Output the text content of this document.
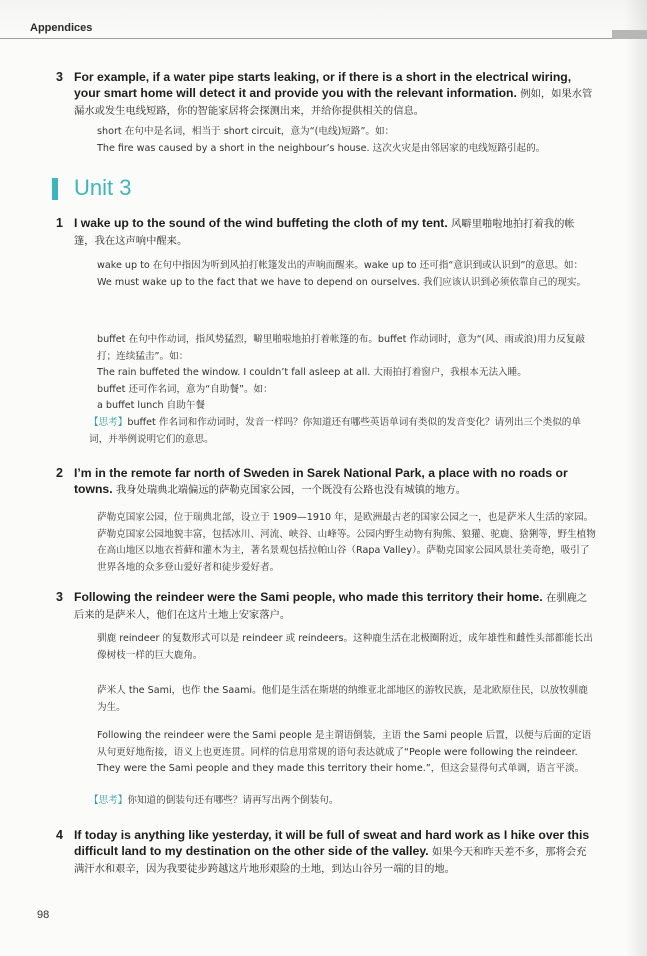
Appendices
3 For example, if a water pipe starts leaking, or if there is a short in the electrical wiring, your smart home will detect it and provide you with the relevant information. 例如，如果水管漏水或发生电线短路，你的智能家居将会探测出来，并给你提供相关的信息。

short 在句中是名词，相当于 short circuit，意为“(电线)短路”。如：

The fire was caused by a short in the neighbour’s house. 这次火灾是由邻居家的电线短路引起的。

Unit 3
1 I wake up to the sound of the wind buffeting the cloth of my tent. 风噼里啪啦地拍打着我的帐篷，我在这声响中醒来。

wake up to 在句中指因为听到风拍打帐篷发出的声响而醒来。wake up to 还可指“意识到或认识到”的意思。如：

We must wake up to the fact that we have to depend on ourselves. 我们应该认识到必须依靠自己的现实。

buffet 在句中作动词，指风势猛烈，噼里啪啦地拍打着帐篷的布。buffet 作动词时，意为“(风、雨或浪)用力反复敲打；连续猛击”。如：

The rain buffeted the window. I couldn’t fall asleep at all. 大雨拍打着窗户，我根本无法入睡。

buffet 还可作名词，意为“自助餐”。如：

a buffet lunch 自助午餐

【思考】buffet 作名词和作动词时，发音一样吗？你知道还有哪些英语单词有类似的发音变化？请列出三个类似的单词，并举例说明它们的意思。

2 I’m in the remote far north of Sweden in Sarek National Park, a place with no roads or towns. 我身处瑞典北端偏远的萨勒克国家公园，一个既没有公路也没有城镇的地方。

萨勒克国家公园，位于瑞典北部，设立于 1909—1910 年，是欧洲最古老的国家公园之一，也是萨米人生活的家园。萨勒克国家公园地貌丰富，包括冰川、河流、峡谷、山峰等。公园内野生动物有狗熊、狼獾、驼鹿、猞猁等，野生植物在高山地区以地衣苔藓和灌木为主，著名景观包括拉帕山谷（Rapa Valley）。萨勒克国家公园风景壮美奇绝，吸引了世界各地的众多登山爱好者和徒步爱好者。

3 Following the reindeer were the Sami people, who made this territory their home. 在驯鹿之后来的是萨米人，他们在这片土地上安家落户。

驯鹿 reindeer 的复数形式可以是 reindeer 或 reindeers。这种鹿生活在北极圈附近，成年雄性和雌性头部都能长出像树枝一样的巨大鹿角。

萨米人 the Sami，也作 the Saami。他们是生活在斯堪的纳维亚北部地区的游牧民族，是北欧原住民，以放牧驯鹿为生。

Following the reindeer were the Sami people 是主谓语倒装，主语 the Sami people 后置，以便与后面的定语从句更好地衔接，语义上也更连贯。同样的信息用常规的语句表达就成了“People were following the reindeer. They were the Sami people and they made this territory their home.”，但这会显得句式单调，语言平淡。

【思考】你知道的倒装句还有哪些？请再写出两个倒装句。

4 If today is anything like yesterday, it will be full of sweat and hard work as I hike over this difficult land to my destination on the other side of the valley. 如果今天和昨天差不多，那将会充满汗水和艰辛，因为我要徒步跨越这片地形艰险的土地，到达山谷另一端的目的地。

98
